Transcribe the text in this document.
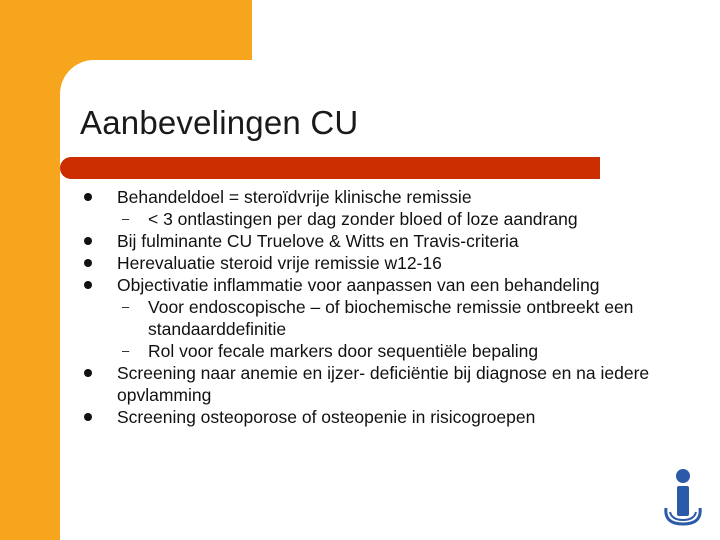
Aanbevelingen CU
Behandeldoel = steroïdvrije klinische remissie
– < 3 ontlastingen per dag zonder bloed of loze aandrang
Bij fulminante CU Truelove & Witts en Travis-criteria
Herevaluatie steroid vrije remissie w12-16
Objectivatie inflammatie voor aanpassen van een behandeling
– Voor endoscopische – of biochemische remissie ontbreekt een standaarddefinitie
– Rol voor fecale markers door sequentiële bepaling
Screening naar anemie en ijzer- deficiëntie bij diagnose en na iedere opvlamming
Screening osteoporose of osteopenie in risicogroepen
